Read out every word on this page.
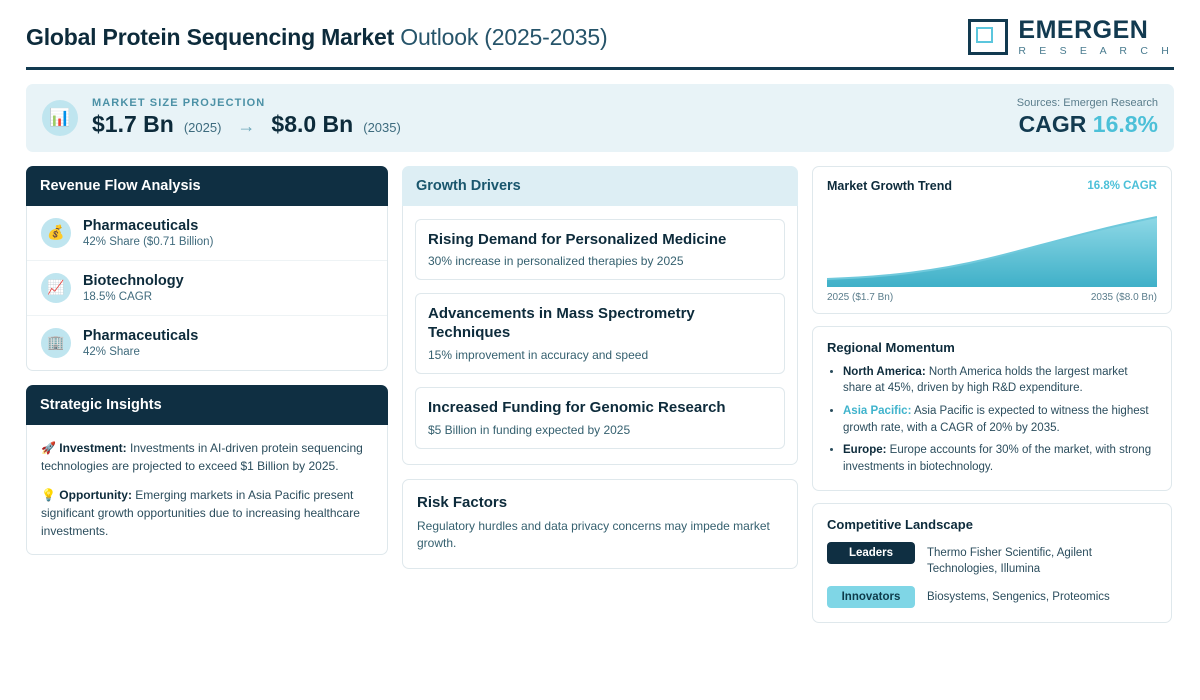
Global Protein Sequencing Market Outlook (2025-2035)	EMERGEN
R E S E A R C H
📊
MARKET SIZE PROJECTION
$1.7 Bn (2025) → $8.0 Bn (2035)
Sources: Emergen Research
CAGR 16.8%
Revenue Flow Analysis
💰	Pharmaceuticals
42% Share ($0.71 Billion)
📈	Biotechnology
18.5% CAGR
🏢	Pharmaceuticals
42% Share
Strategic Insights
🚀 Investment: Investments in AI-driven protein sequencing technologies are projected to exceed $1 Billion by 2025.
💡 Opportunity: Emerging markets in Asia Pacific present significant growth opportunities due to increasing healthcare investments.
Growth Drivers
Rising Demand for Personalized Medicine
30% increase in personalized therapies by 2025
Advancements in Mass Spectrometry Techniques
15% improvement in accuracy and speed
Increased Funding for Genomic Research
$5 Billion in funding expected by 2025
Risk Factors
Regulatory hurdles and data privacy concerns may impede market growth.
Market Growth Trend	16.8% CAGR
2025 ($1.7 Bn)	2035 ($8.0 Bn)
Regional Momentum
• North America: North America holds the largest market share at 45%, driven by high R&D expenditure.
• Asia Pacific: Asia Pacific is expected to witness the highest growth rate, with a CAGR of 20% by 2035.
• Europe: Europe accounts for 30% of the market, with strong investments in biotechnology.
Competitive Landscape
Leaders	Thermo Fisher Scientific, Agilent Technologies, Illumina
Innovators	Biosystems, Sengenics, Proteomics
